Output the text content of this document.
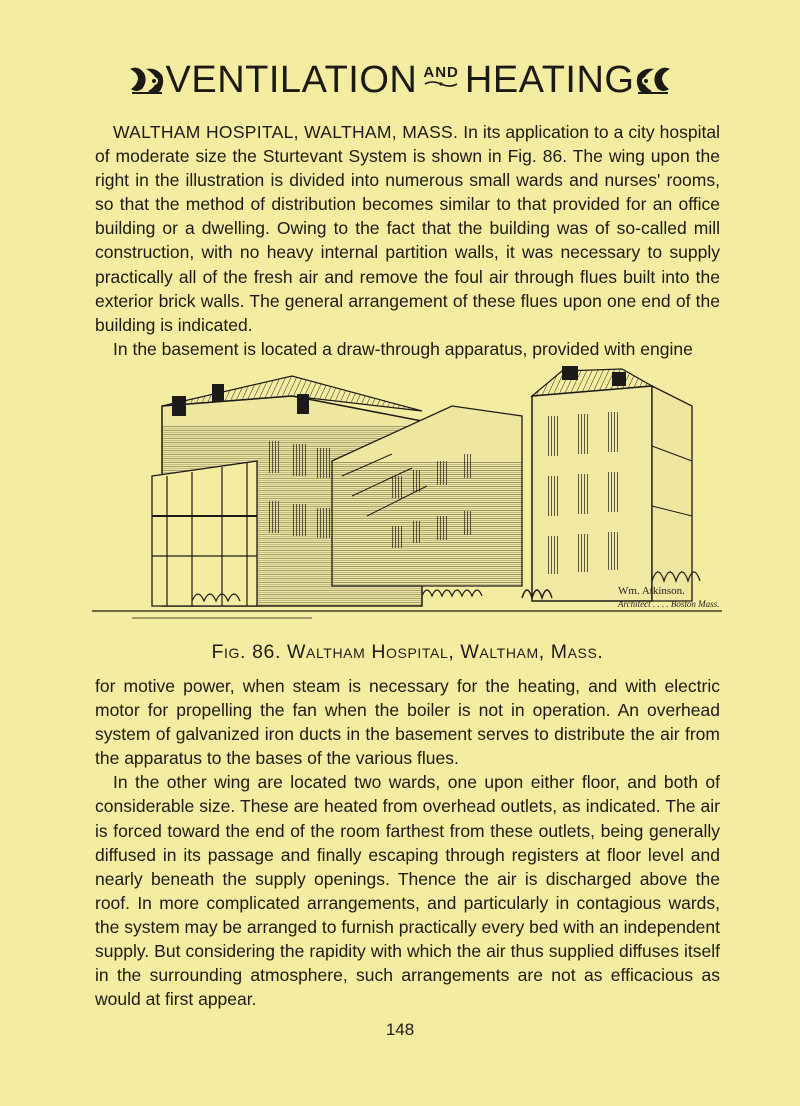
VENTILATION AND HEATING

WALTHAM HOSPITAL, WALTHAM, MASS. In its application to a city hospital of moderate size the Sturtevant System is shown in Fig. 86. The wing upon the right in the illustration is divided into numerous small wards and nurses' rooms, so that the method of distribution becomes similar to that provided for an office building or a dwelling. Owing to the fact that the building was of so-called mill construction, with no heavy internal partition walls, it was necessary to supply practically all of the fresh air and remove the foul air through flues built into the exterior brick walls. The general arrangement of these flues upon one end of the building is indicated.

In the basement is located a draw-through apparatus, provided with engine

Wm. Atkinson.
Architect . . . . Boston Mass.
Fig. 86. Waltham Hospital, Waltham, Mass.

for motive power, when steam is necessary for the heating, and with electric motor for propelling the fan when the boiler is not in operation. An overhead system of galvanized iron ducts in the basement serves to distribute the air from the apparatus to the bases of the various flues.

In the other wing are located two wards, one upon either floor, and both of considerable size. These are heated from overhead outlets, as indicated. The air is forced toward the end of the room farthest from these outlets, being generally diffused in its passage and finally escaping through registers at floor level and nearly beneath the supply openings. Thence the air is discharged above the roof. In more complicated arrangements, and particularly in contagious wards, the system may be arranged to furnish practically every bed with an independent supply. But considering the rapidity with which the air thus supplied diffuses itself in the surrounding atmosphere, such arrangements are not as efficacious as would at first appear.

148
